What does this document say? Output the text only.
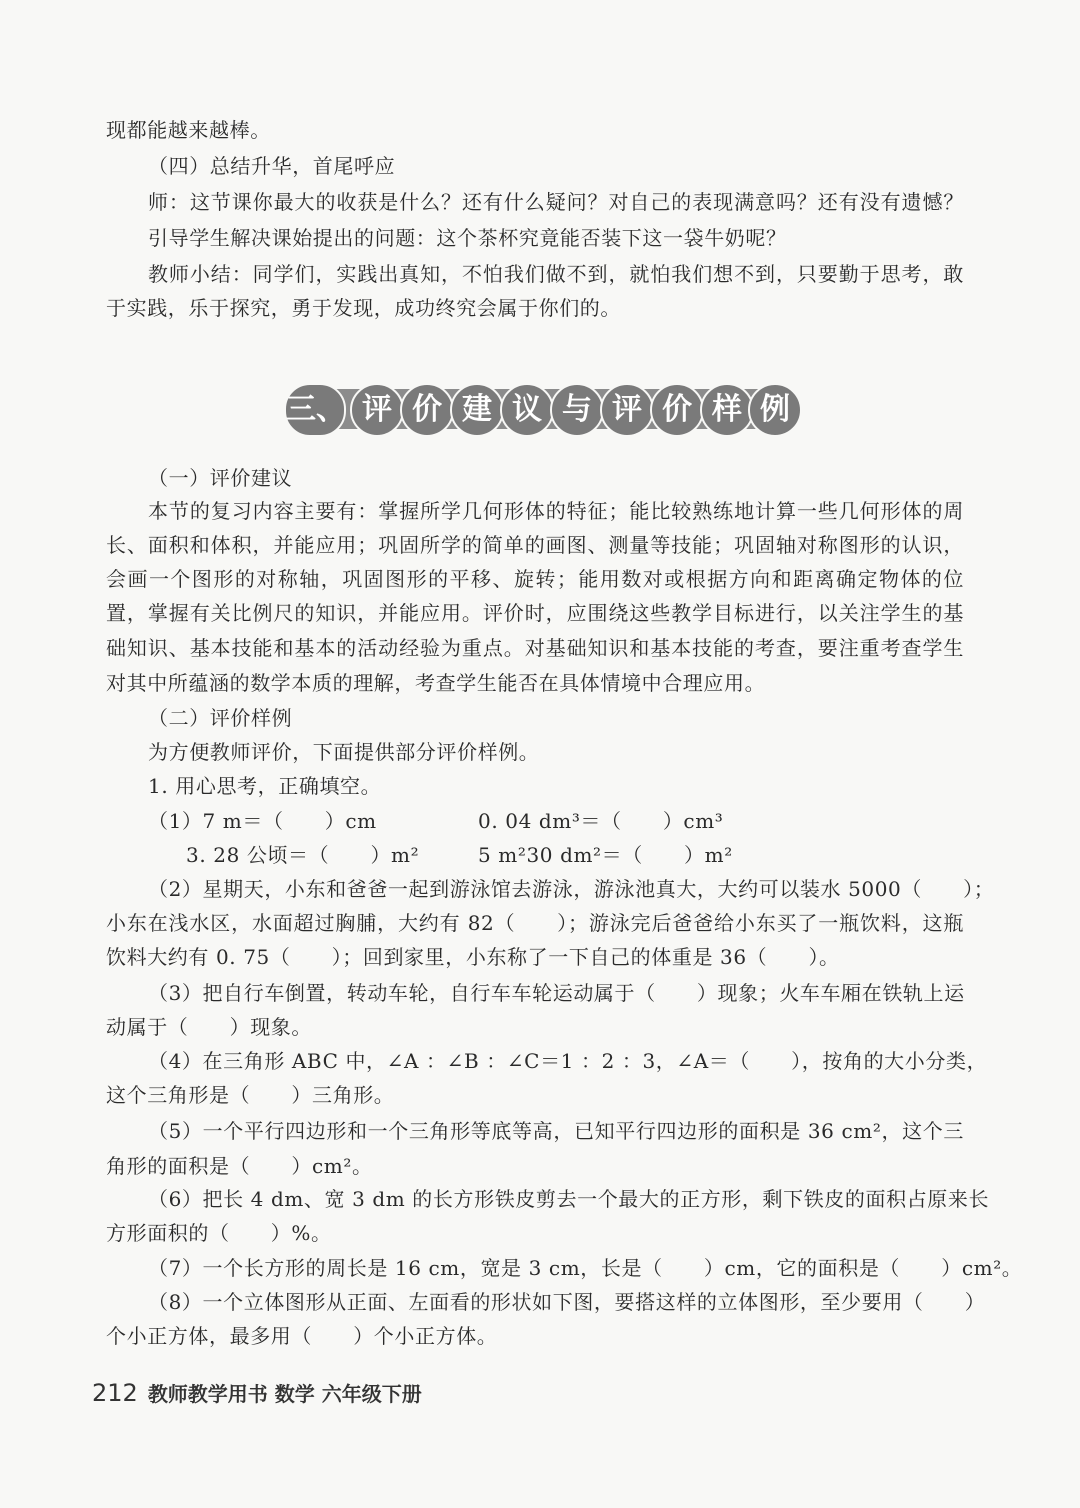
现都能越来越棒。
（四）总结升华，首尾呼应
师：这节课你最大的收获是什么？还有什么疑问？对自己的表现满意吗？还有没有遗憾？
引导学生解决课始提出的问题：这个茶杯究竟能否装下这一袋牛奶呢？
教师小结：同学们，实践出真知，不怕我们做不到，就怕我们想不到，只要勤于思考，敢
于实践，乐于探究，勇于发现，成功终究会属于你们的。
三、 评 价 建 议 与 评 价 样 例
（一）评价建议
本节的复习内容主要有：掌握所学几何形体的特征；能比较熟练地计算一些几何形体的周
长、面积和体积，并能应用；巩固所学的简单的画图、测量等技能；巩固轴对称图形的认识，
会画一个图形的对称轴，巩固图形的平移、旋转；能用数对或根据方向和距离确定物体的位
置，掌握有关比例尺的知识，并能应用。评价时，应围绕这些教学目标进行，以关注学生的基
础知识、基本技能和基本的活动经验为重点。对基础知识和基本技能的考查，要注重考查学生
对其中所蕴涵的数学本质的理解，考查学生能否在具体情境中合理应用。
（二）评价样例
为方便教师评价，下面提供部分评价样例。
1. 用心思考，正确填空。
（1）7 m＝（　　）cm	0. 04 dm³＝（　　）cm³
3. 28 公顷＝（　　）m²	5 m²30 dm²＝（　　）m²
（2）星期天，小东和爸爸一起到游泳馆去游泳，游泳池真大，大约可以装水 5000（　　）；
小东在浅水区，水面超过胸脯，大约有 82（　　）；游泳完后爸爸给小东买了一瓶饮料，这瓶
饮料大约有 0. 75（　　）；回到家里，小东称了一下自己的体重是 36（　　）。
（3）把自行车倒置，转动车轮，自行车车轮运动属于（　　）现象；火车车厢在铁轨上运
动属于（　　）现象。
（4）在三角形 ABC 中，∠A ：∠B ：∠C＝1 ：2 ：3，∠A＝（　　），按角的大小分类，
这个三角形是（　　）三角形。
（5）一个平行四边形和一个三角形等底等高，已知平行四边形的面积是 36 cm²，这个三
角形的面积是（　　）cm²。
（6）把长 4 dm、宽 3 dm 的长方形铁皮剪去一个最大的正方形，剩下铁皮的面积占原来长
方形面积的（　　）%。
（7）一个长方形的周长是 16 cm，宽是 3 cm，长是（　　）cm，它的面积是（　　）cm²。
（8）一个立体图形从正面、左面看的形状如下图，要搭这样的立体图形，至少要用（　　）
个小正方体，最多用（　　）个小正方体。
212 教师教学用书 数学 六年级下册
